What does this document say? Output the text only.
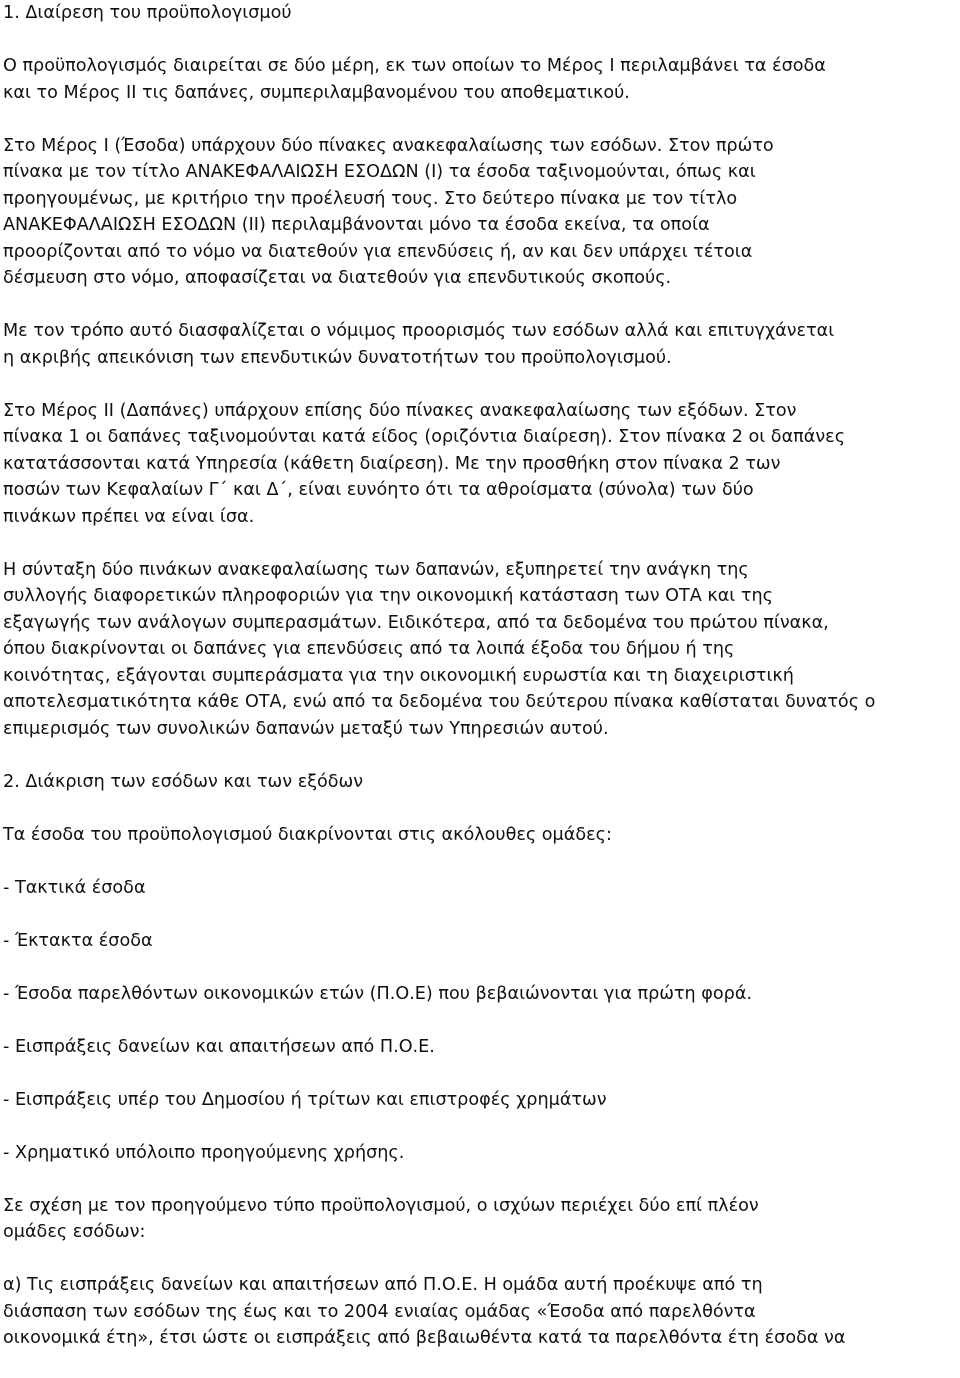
1. Διαίρεση του προϋπολογισμού

Ο προϋπολογισμός διαιρείται σε δύο μέρη, εκ των οποίων το Μέρος Ι περιλαμβάνει τα έσοδα
και το Μέρος ΙΙ τις δαπάνες, συμπεριλαμβανομένου του αποθεματικού.

Στο Μέρος Ι (Έσοδα) υπάρχουν δύο πίνακες ανακεφαλαίωσης των εσόδων. Στον πρώτο
πίνακα με τον τίτλο ΑΝΑΚΕΦΑΛΑΙΩΣΗ ΕΣΟΔΩΝ (Ι) τα έσοδα ταξινομούνται, όπως και
προηγουμένως, με κριτήριο την προέλευσή τους. Στο δεύτερο πίνακα με τον τίτλο
ΑΝΑΚΕΦΑΛΑΙΩΣΗ ΕΣΟΔΩΝ (ΙΙ) περιλαμβάνονται μόνο τα έσοδα εκείνα, τα οποία
προορίζονται από το νόμο να διατεθούν για επενδύσεις ή, αν και δεν υπάρχει τέτοια
δέσμευση στο νόμο, αποφασίζεται να διατεθούν για επενδυτικούς σκοπούς.

Με τον τρόπο αυτό διασφαλίζεται ο νόμιμος προορισμός των εσόδων αλλά και επιτυγχάνεται
η ακριβής απεικόνιση των επενδυτικών δυνατοτήτων του προϋπολογισμού.

Στο Μέρος ΙΙ (Δαπάνες) υπάρχουν επίσης δύο πίνακες ανακεφαλαίωσης των εξόδων. Στον
πίνακα 1 οι δαπάνες ταξινομούνται κατά είδος (οριζόντια διαίρεση). Στον πίνακα 2 οι δαπάνες
κατατάσσονται κατά Υπηρεσία (κάθετη διαίρεση). Με την προσθήκη στον πίνακα 2 των
ποσών των Κεφαλαίων Γ΄ και Δ΄, είναι ευνόητο ότι τα αθροίσματα (σύνολα) των δύο
πινάκων πρέπει να είναι ίσα.

Η σύνταξη δύο πινάκων ανακεφαλαίωσης των δαπανών, εξυπηρετεί την ανάγκη της
συλλογής διαφορετικών πληροφοριών για την οικονομική κατάσταση των ΟΤΑ και της
εξαγωγής των ανάλογων συμπερασμάτων. Ειδικότερα, από τα δεδομένα του πρώτου πίνακα,
όπου διακρίνονται οι δαπάνες για επενδύσεις από τα λοιπά έξοδα του δήμου ή της
κοινότητας, εξάγονται συμπεράσματα για την οικονομική ευρωστία και τη διαχειριστική
αποτελεσματικότητα κάθε ΟΤΑ, ενώ από τα δεδομένα του δεύτερου πίνακα καθίσταται δυνατός ο
επιμερισμός των συνολικών δαπανών μεταξύ των Υπηρεσιών αυτού.

2. Διάκριση των εσόδων και των εξόδων

Τα έσοδα του προϋπολογισμού διακρίνονται στις ακόλουθες ομάδες:

- Τακτικά έσοδα

- Έκτακτα έσοδα

- Έσοδα παρελθόντων οικονομικών ετών (Π.Ο.Ε) που βεβαιώνονται για πρώτη φορά.

- Εισπράξεις δανείων και απαιτήσεων από Π.Ο.Ε.

- Εισπράξεις υπέρ του Δημοσίου ή τρίτων και επιστροφές χρημάτων

- Χρηματικό υπόλοιπο προηγούμενης χρήσης.

Σε σχέση με τον προηγούμενο τύπο προϋπολογισμού, ο ισχύων περιέχει δύο επί πλέον
ομάδες εσόδων:

α) Τις εισπράξεις δανείων και απαιτήσεων από Π.Ο.Ε. Η ομάδα αυτή προέκυψε από τη
διάσπαση των εσόδων της έως και το 2004 ενιαίας ομάδας «Έσοδα από παρελθόντα
οικονομικά έτη», έτσι ώστε οι εισπράξεις από βεβαιωθέντα κατά τα παρελθόντα έτη έσοδα να
